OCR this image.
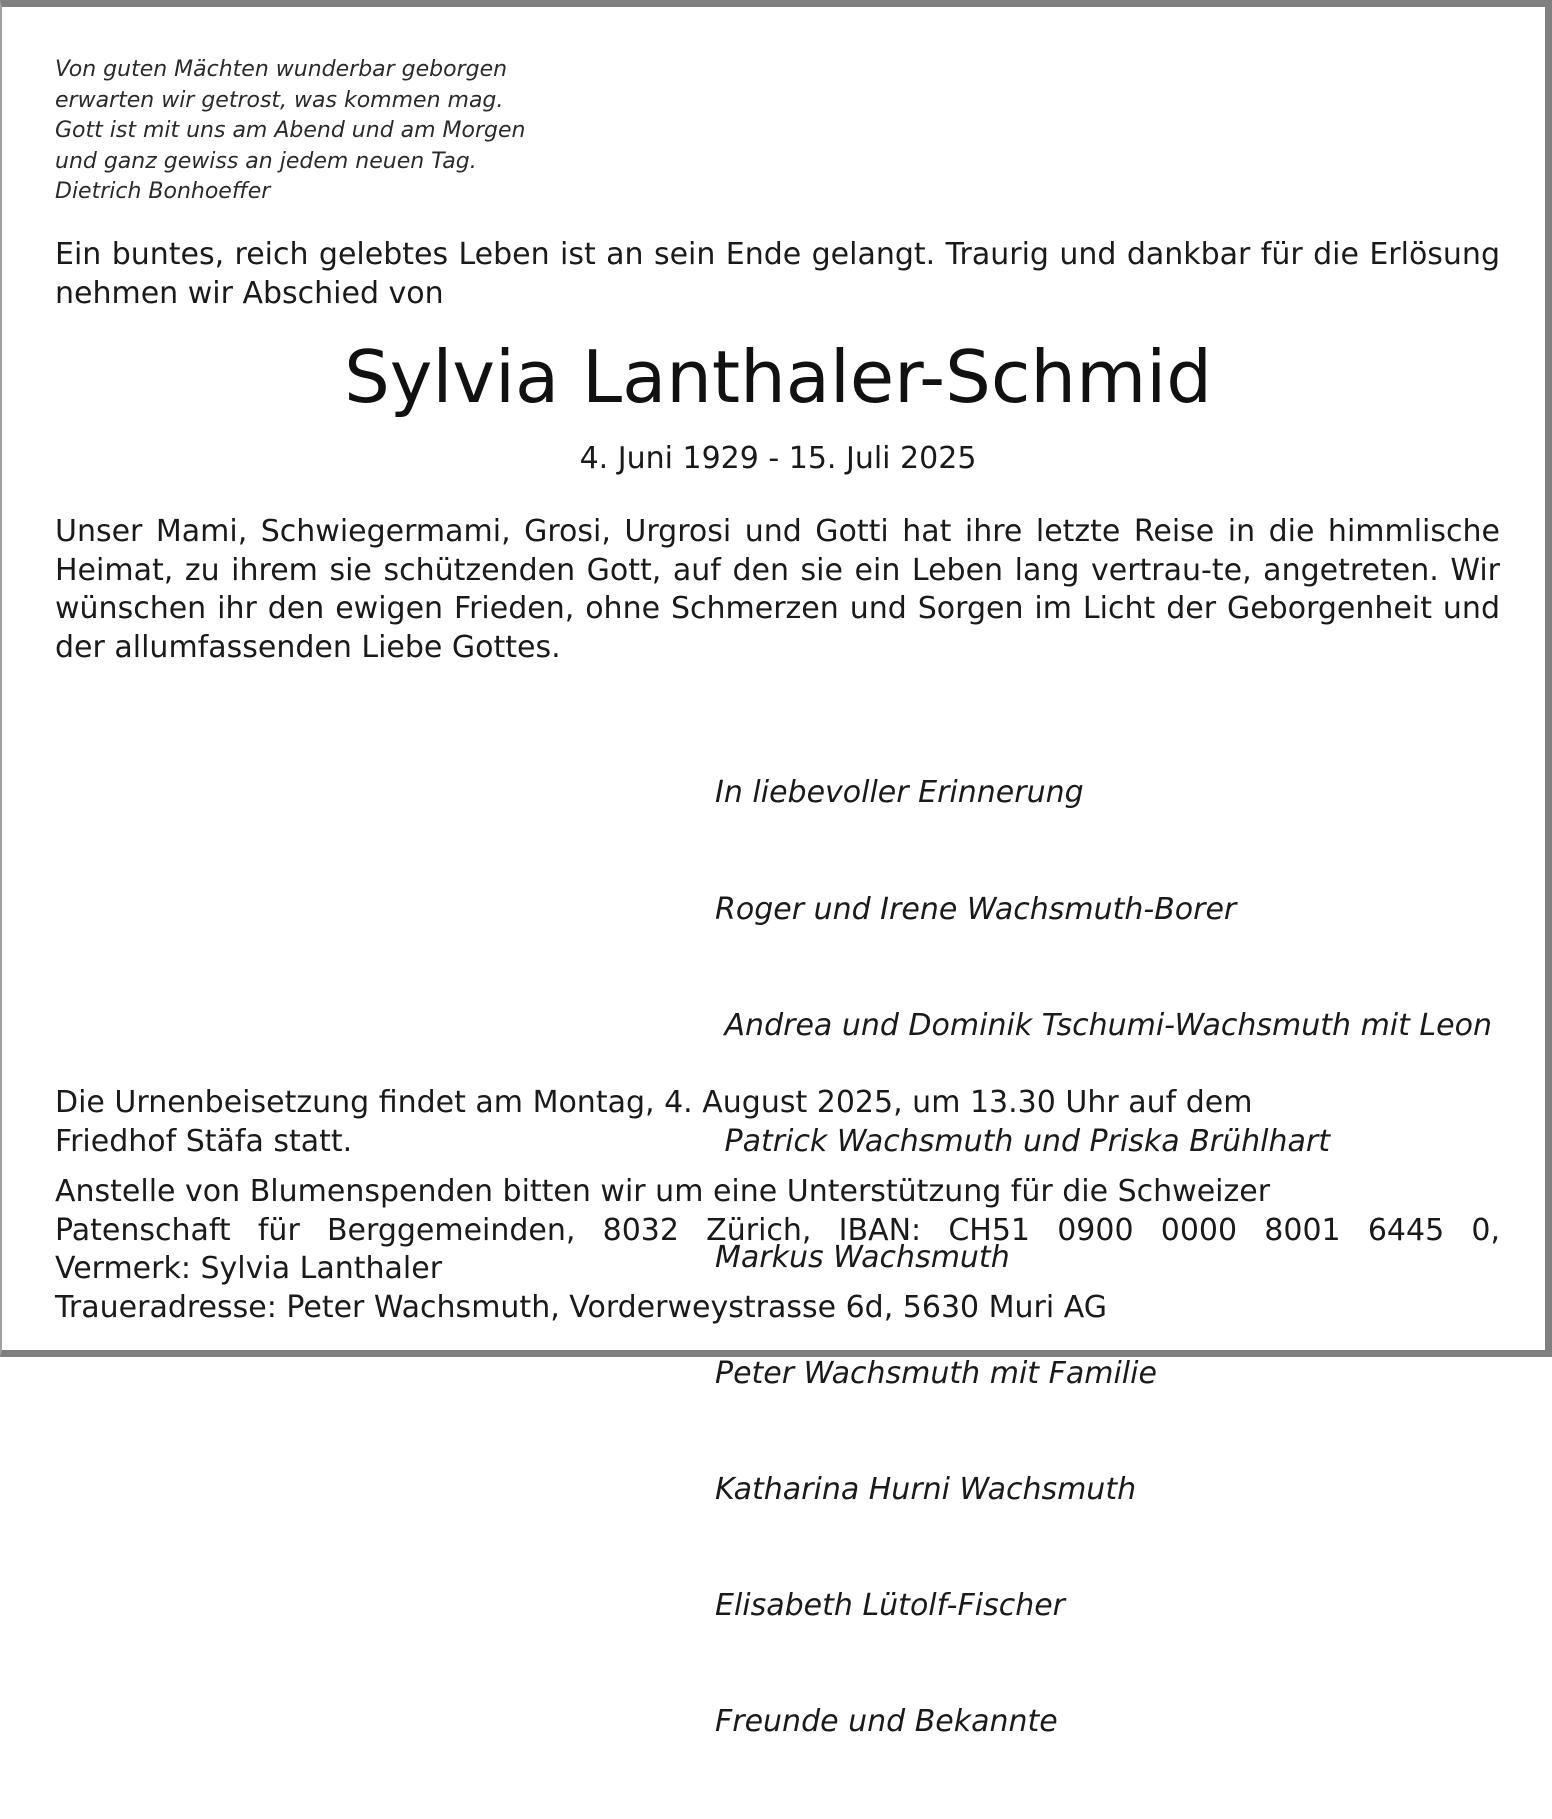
Von guten Mächten wunderbar geborgen
erwarten wir getrost, was kommen mag.
Gott ist mit uns am Abend und am Morgen
und ganz gewiss an jedem neuen Tag.
Dietrich Bonhoeffer
Ein buntes, reich gelebtes Leben ist an sein Ende gelangt. Traurig und dankbar für die Erlösung nehmen wir Abschied von
Sylvia Lanthaler-Schmid
4. Juni 1929 - 15. Juli 2025
Unser Mami, Schwiegermami, Grosi, Urgrosi und Gotti hat ihre letzte Reise in die himmlische Heimat, zu ihrem sie schützenden Gott, auf den sie ein Leben lang vertrau-te, angetreten. Wir wünschen ihr den ewigen Frieden, ohne Schmerzen und Sorgen im Licht der Geborgenheit und der allumfassenden Liebe Gottes.

In liebevoller Erinnerung

Roger und Irene Wachsmuth-Borer

Andrea und Dominik Tschumi-Wachsmuth mit Leon

Patrick Wachsmuth und Priska Brühlhart

Markus Wachsmuth

Peter Wachsmuth mit Familie

Katharina Hurni Wachsmuth

Elisabeth Lütolf-Fischer

Freunde und Bekannte

Die Urnenbeisetzung findet am Montag, 4. August 2025, um 13.30 Uhr auf dem
Friedhof Stäfa statt.
Anstelle von Blumenspenden bitten wir um eine Unterstützung für die Schweizer
Patenschaft für Berggemeinden, 8032 Zürich, IBAN: CH51 0900 0000 8001 6445 0,
Vermerk: Sylvia Lanthaler
Traueradresse: Peter Wachsmuth, Vorderweystrasse 6d, 5630 Muri AG
